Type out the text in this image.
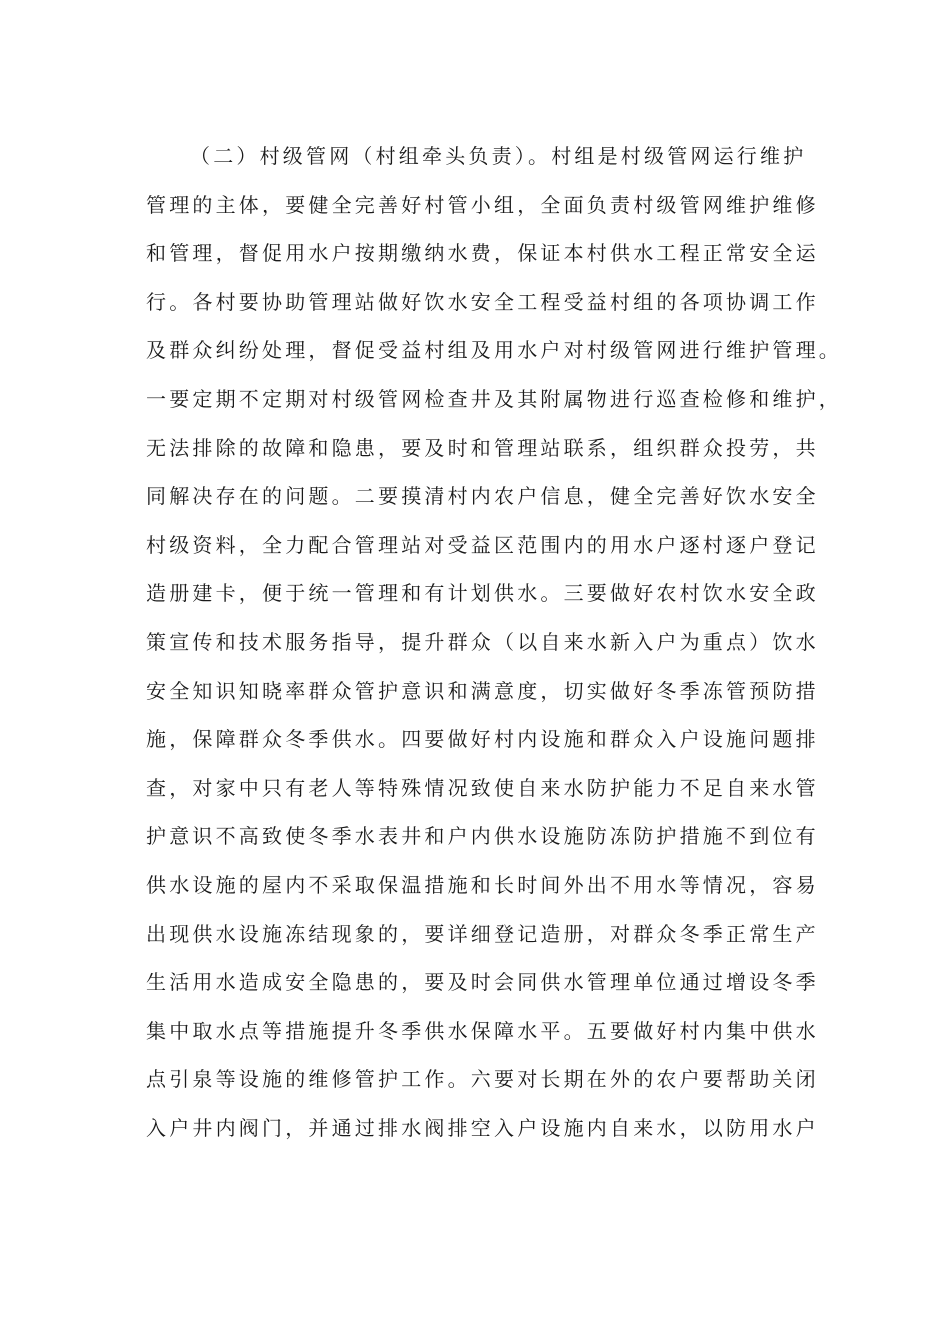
（二）村级管网（村组牵头负责）。村组是村级管网运行维护
管理的主体，要健全完善好村管小组，全面负责村级管网维护维修
和管理，督促用水户按期缴纳水费，保证本村供水工程正常安全运
行。各村要协助管理站做好饮水安全工程受益村组的各项协调工作
及群众纠纷处理，督促受益村组及用水户对村级管网进行维护管理。
一要定期不定期对村级管网检查井及其附属物进行巡查检修和维护，
无法排除的故障和隐患，要及时和管理站联系，组织群众投劳，共
同解决存在的问题。二要摸清村内农户信息，健全完善好饮水安全
村级资料，全力配合管理站对受益区范围内的用水户逐村逐户登记
造册建卡，便于统一管理和有计划供水。三要做好农村饮水安全政
策宣传和技术服务指导，提升群众（以自来水新入户为重点）饮水
安全知识知晓率群众管护意识和满意度，切实做好冬季冻管预防措
施，保障群众冬季供水。四要做好村内设施和群众入户设施问题排
查，对家中只有老人等特殊情况致使自来水防护能力不足自来水管
护意识不高致使冬季水表井和户内供水设施防冻防护措施不到位有
供水设施的屋内不采取保温措施和长时间外出不用水等情况，容易
出现供水设施冻结现象的，要详细登记造册，对群众冬季正常生产
生活用水造成安全隐患的，要及时会同供水管理单位通过增设冬季
集中取水点等措施提升冬季供水保障水平。五要做好村内集中供水
点引泉等设施的维修管护工作。六要对长期在外的农户要帮助关闭
入户井内阀门，并通过排水阀排空入户设施内自来水，以防用水户
